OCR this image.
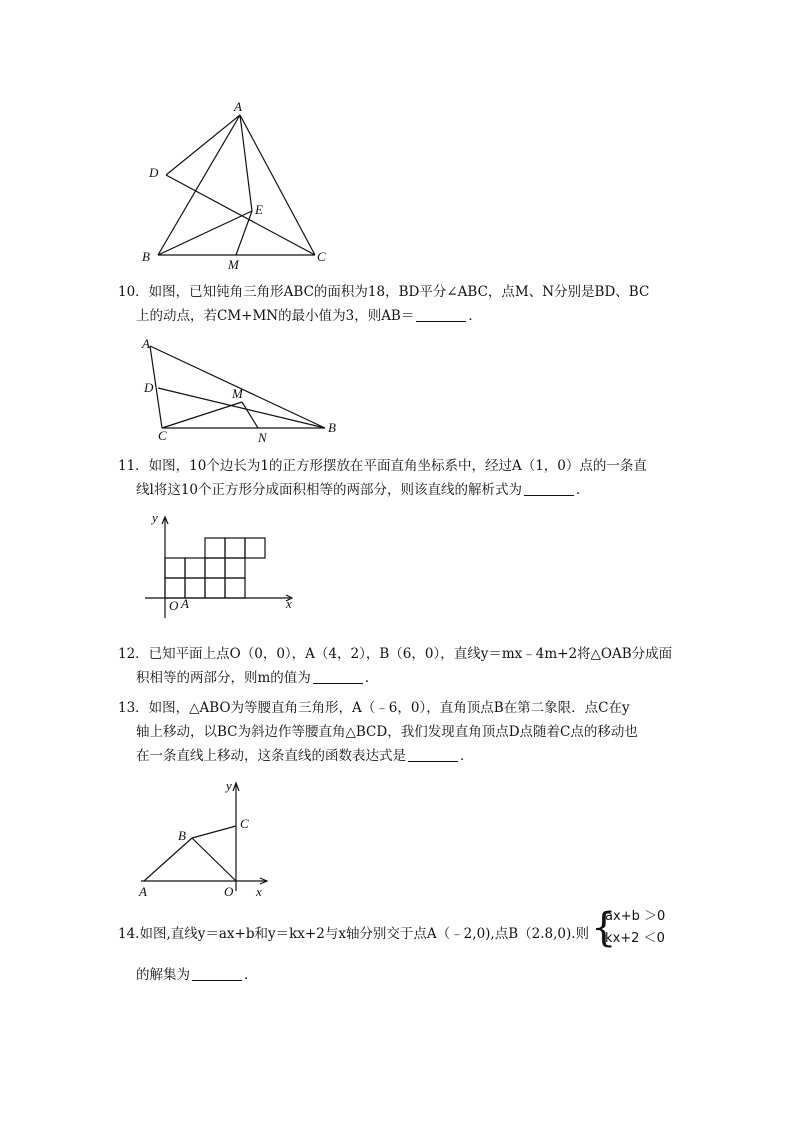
A
D
E
B
M
C
10．如图，已知钝角三角形ABC的面积为18，BD平分∠ABC，点M、N分别是BD、BC
上的动点，若CM+MN的最小值为3，则AB＝	．
A
D	M
C	N
B
11．如图，10个边长为1的正方形摆放在平面直角坐标系中，经过A（1，0）点的一条直
线l将这10个正方形分成面积相等的两部分，则该直线的解析式为	．
y
x
O A
12．已知平面上点O（0，0），A（4，2），B（6，0），直线y＝mx﹣4m+2将△OAB分成面
积相等的两部分，则m的值为	．
13．如图，△ABO为等腰直角三角形，A（﹣6，0），直角顶点B在第二象限．点C在y
轴上移动，以BC为斜边作等腰直角△BCD，我们发现直角顶点D点随着C点的移动也
在一条直线上移动，这条直线的函数表达式是	．
y
C
B
A	O x
14.如图,直线y＝ax+b和y＝kx+2与x轴分别交于点A（﹣2,0),点B（2.8,0).则 {
ax+b ＞0
kx+2 ＜0
的解集为	．
